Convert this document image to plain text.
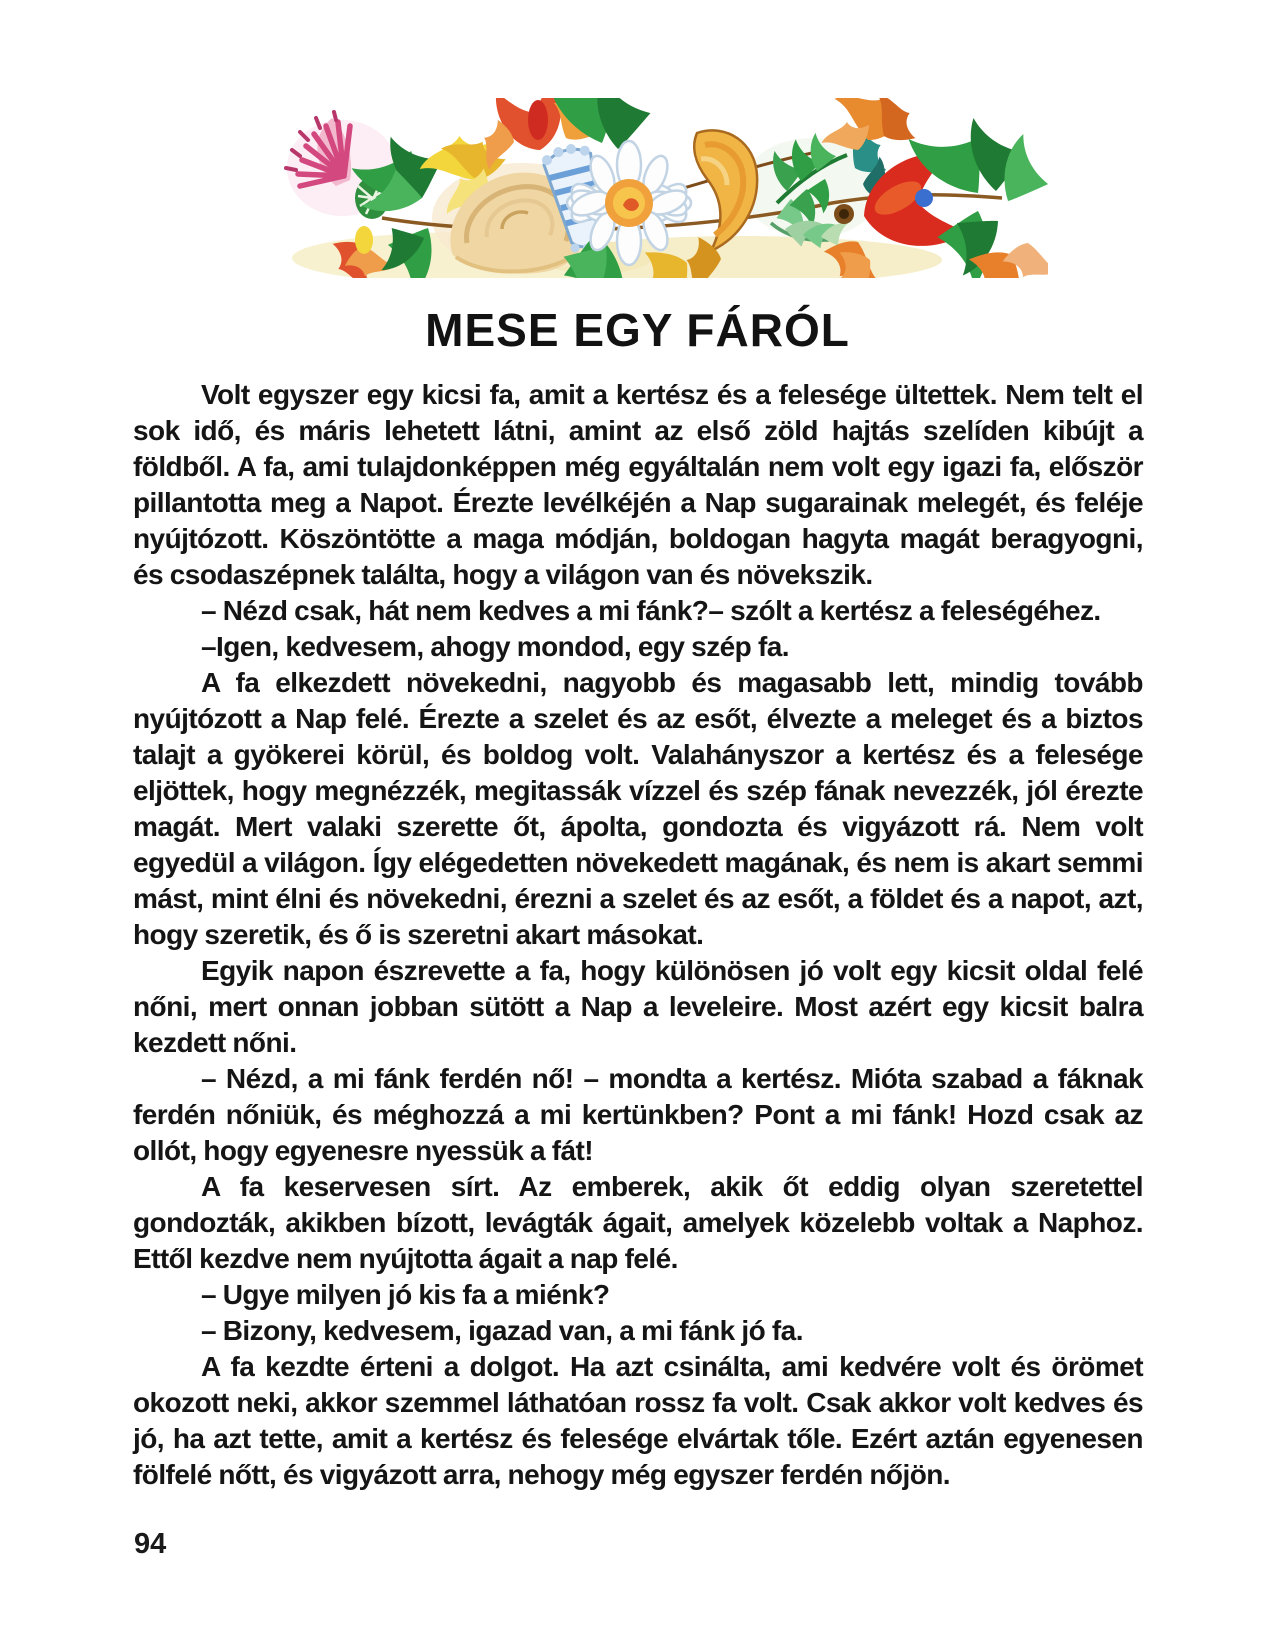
MESE EGY FÁRÓL

Volt egyszer egy kicsi fa, amit a kertész és a felesége ültettek. Nem telt el sok idő, és máris lehetett látni, amint az első zöld hajtás szelíden kibújt a földből. A fa, ami tulajdonképpen még egyáltalán nem volt egy igazi fa, először pillantotta meg a Napot. Érezte levélkéjén a Nap sugarainak melegét, és feléje nyújtózott. Köszöntötte a maga módján, boldogan hagyta magát beragyogni, és csodaszépnek találta, hogy a világon van és növekszik.

– Nézd csak, hát nem kedves a mi fánk?– szólt a kertész a feleségéhez.

–Igen, kedvesem, ahogy mondod, egy szép fa.

A fa elkezdett növekedni, nagyobb és magasabb lett, mindig tovább nyújtózott a Nap felé. Érezte a szelet és az esőt, élvezte a meleget és a biztos talajt a gyökerei körül, és boldog volt. Valahányszor a kertész és a felesége eljöttek, hogy megnézzék, megitassák vízzel és szép fának nevezzék, jól érezte magát. Mert valaki szerette őt, ápolta, gondozta és vigyázott rá. Nem volt egyedül a világon. Így elégedetten növekedett magának, és nem is akart semmi mást, mint élni és növekedni, érezni a szelet és az esőt, a földet és a napot, azt, hogy szeretik, és ő is szeretni akart másokat.

Egyik napon észrevette a fa, hogy különösen jó volt egy kicsit oldal felé nőni, mert onnan jobban sütött a Nap a leveleire. Most azért egy kicsit balra kezdett nőni.

– Nézd, a mi fánk ferdén nő! – mondta a kertész. Mióta szabad a fáknak ferdén nőniük, és méghozzá a mi kertünkben? Pont a mi fánk! Hozd csak az ollót, hogy egyenesre nyessük a fát!

A fa keservesen sírt. Az emberek, akik őt eddig olyan szeretettel gondozták, akikben bízott, levágták ágait, amelyek közelebb voltak a Naphoz. Ettől kezdve nem nyújtotta ágait a nap felé.

– Ugye milyen jó kis fa a miénk?

– Bizony, kedvesem, igazad van, a mi fánk jó fa.

A fa kezdte érteni a dolgot. Ha azt csinálta, ami kedvére volt és örömet okozott neki, akkor szemmel láthatóan rossz fa volt. Csak akkor volt kedves és jó, ha azt tette, amit a kertész és felesége elvártak tőle. Ezért aztán egyenesen fölfelé nőtt, és vigyázott arra, nehogy még egyszer ferdén nőjön.

94
